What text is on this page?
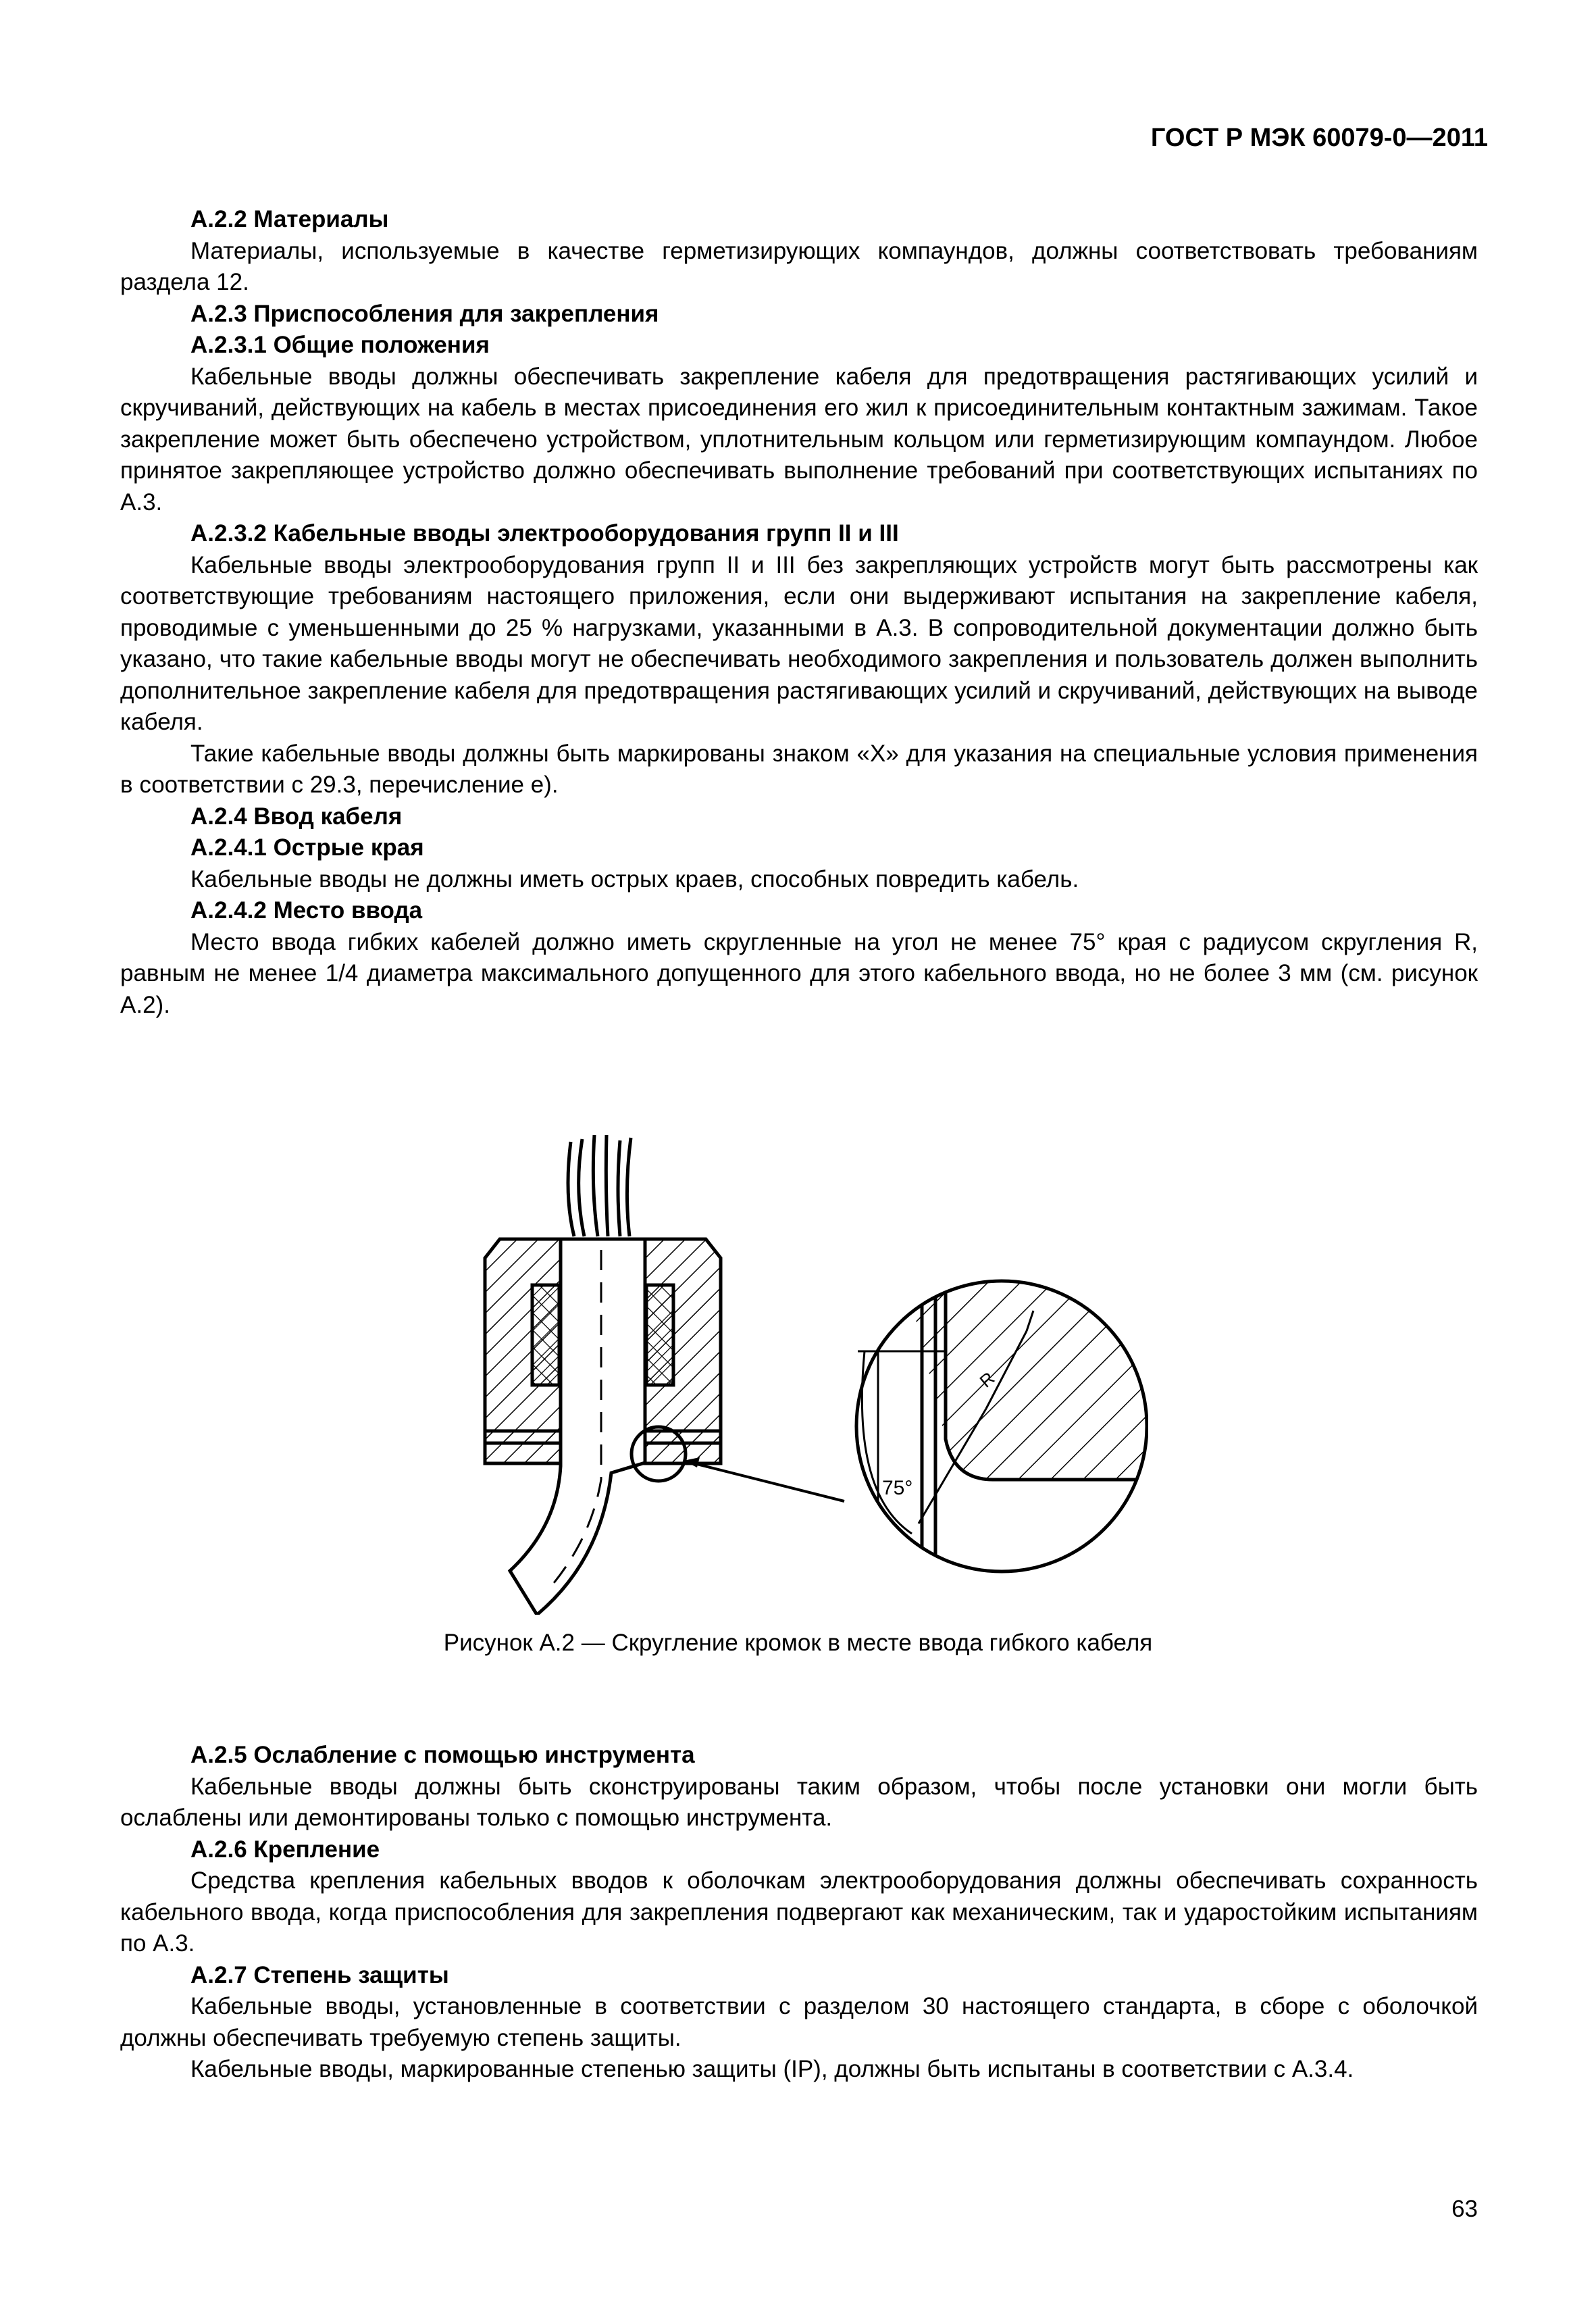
ГОСТ Р МЭК 60079-0—2011

А.2.2 Материалы

Материалы, используемые в качестве герметизирующих компаундов, должны соответствовать требованиям раздела 12.

А.2.3 Приспособления для закрепления

А.2.3.1 Общие положения

Кабельные вводы должны обеспечивать закрепление кабеля для предотвращения растягивающих усилий и скручиваний, действующих на кабель в местах присоединения его жил к присоединительным контактным зажимам. Такое закрепление может быть обеспечено устройством, уплотнительным кольцом или герметизирующим компаундом. Любое принятое закрепляющее устройство должно обеспечивать выполнение требований при соответствующих испытаниях по А.3.

А.2.3.2 Кабельные вводы электрооборудования групп II и III

Кабельные вводы электрооборудования групп II и III без закрепляющих устройств могут быть рассмотрены как соответствующие требованиям настоящего приложения, если они выдерживают испытания на закрепление кабеля, проводимые с уменьшенными до 25 % нагрузками, указанными в А.3. В сопроводительной документации должно быть указано, что такие кабельные вводы могут не обеспечивать необходимого закрепления и пользователь должен выполнить дополнительное закрепление кабеля для предотвращения растягивающих усилий и скручиваний, действующих на выводе кабеля.

Такие кабельные вводы должны быть маркированы знаком «Х» для указания на специальные условия применения в соответствии с 29.3, перечисление е).

А.2.4 Ввод кабеля

А.2.4.1 Острые края

Кабельные вводы не должны иметь острых краев, способных повредить кабель.

А.2.4.2 Место ввода

Место ввода гибких кабелей должно иметь скругленные на угол не менее 75° края с радиусом скругления R, равным не менее 1/4 диаметра максимального допущенного для этого кабельного ввода, но не более 3 мм (см. рисунок А.2).

75°
R
Рисунок А.2 — Скругление кромок в месте ввода гибкого кабеля

А.2.5 Ослабление с помощью инструмента

Кабельные вводы должны быть сконструированы таким образом, чтобы после установки они могли быть ослаблены или демонтированы только с помощью инструмента.

А.2.6 Крепление

Средства крепления кабельных вводов к оболочкам электрооборудования должны обеспечивать сохранность кабельного ввода, когда приспособления для закрепления подвергают как механическим, так и ударостойким испытаниям по А.3.

А.2.7 Степень защиты

Кабельные вводы, установленные в соответствии с разделом 30 настоящего стандарта, в сборе с оболочкой должны обеспечивать требуемую степень защиты.

Кабельные вводы, маркированные степенью защиты (IP), должны быть испытаны в соответствии с А.3.4.

63
